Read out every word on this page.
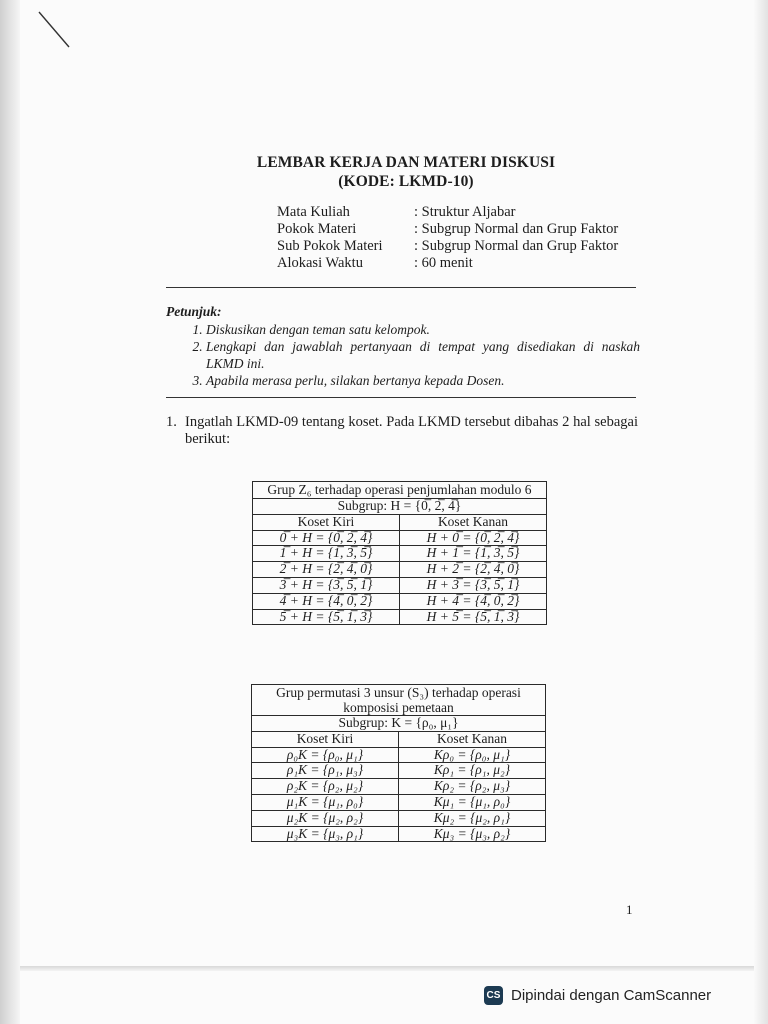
LEMBAR KERJA DAN MATERI DISKUSI
(KODE: LKMD-10)
Mata Kuliah	: Struktur Aljabar
Pokok Materi	: Subgrup Normal dan Grup Faktor
Sub Pokok Materi	: Subgrup Normal dan Grup Faktor
Alokasi Waktu	: 60 menit
Petunjuk:
1. Diskusikan dengan teman satu kelompok.
2. Lengkapi dan jawablah pertanyaan di tempat yang disediakan di naskah LKMD ini.
3. Apabila merasa perlu, silakan bertanya kepada Dosen.
1. Ingatlah LKMD-09 tentang koset. Pada LKMD tersebut dibahas 2 hal sebagai berikut:
Grup Z₆ terhadap operasi penjumlahan modulo 6	
Subgrup: H = {0̅, 2̅, 4̅}	
Koset Kiri	Koset Kanan
0̅ + H = {0̅, 2̅, 4̅}	H + 0̅ = {0̅, 2̅, 4̅}
1̅ + H = {1̅, 3̅, 5̅}	H + 1̅ = {1̅, 3̅, 5̅}
2̅ + H = {2̅, 4̅, 0̅}	H + 2̅ = {2̅, 4̅, 0̅}
3̅ + H = {3̅, 5̅, 1̅}	H + 3̅ = {3̅, 5̅, 1̅}
4̅ + H = {4̅, 0̅, 2̅}	H + 4̅ = {4̅, 0̅, 2̅}
5̅ + H = {5̅, 1̅, 3̅}	H + 5̅ = {5̅, 1̅, 3̅}
Grup permutasi 3 unsur (S₃) terhadap operasi komposisi pemetaan	
Subgrup: K = {ρ₀, μ₁}	
Koset Kiri	Koset Kanan
ρ₀K = {ρ₀, μ₁}	Kρ₀ = {ρ₀, μ₁}
ρ₁K = {ρ₁, μ₃}	Kρ₁ = {ρ₁, μ₂}
ρ₂K = {ρ₂, μ₂}	Kρ₂ = {ρ₂, μ₃}
μ₁K = {μ₁, ρ₀}	Kμ₁ = {μ₁, ρ₀}
μ₂K = {μ₂, ρ₂}	Kμ₂ = {μ₂, ρ₁}
μ₃K = {μ₃, ρ₁}	Kμ₃ = {μ₃, ρ₂}
1
CS Dipindai dengan CamScanner
